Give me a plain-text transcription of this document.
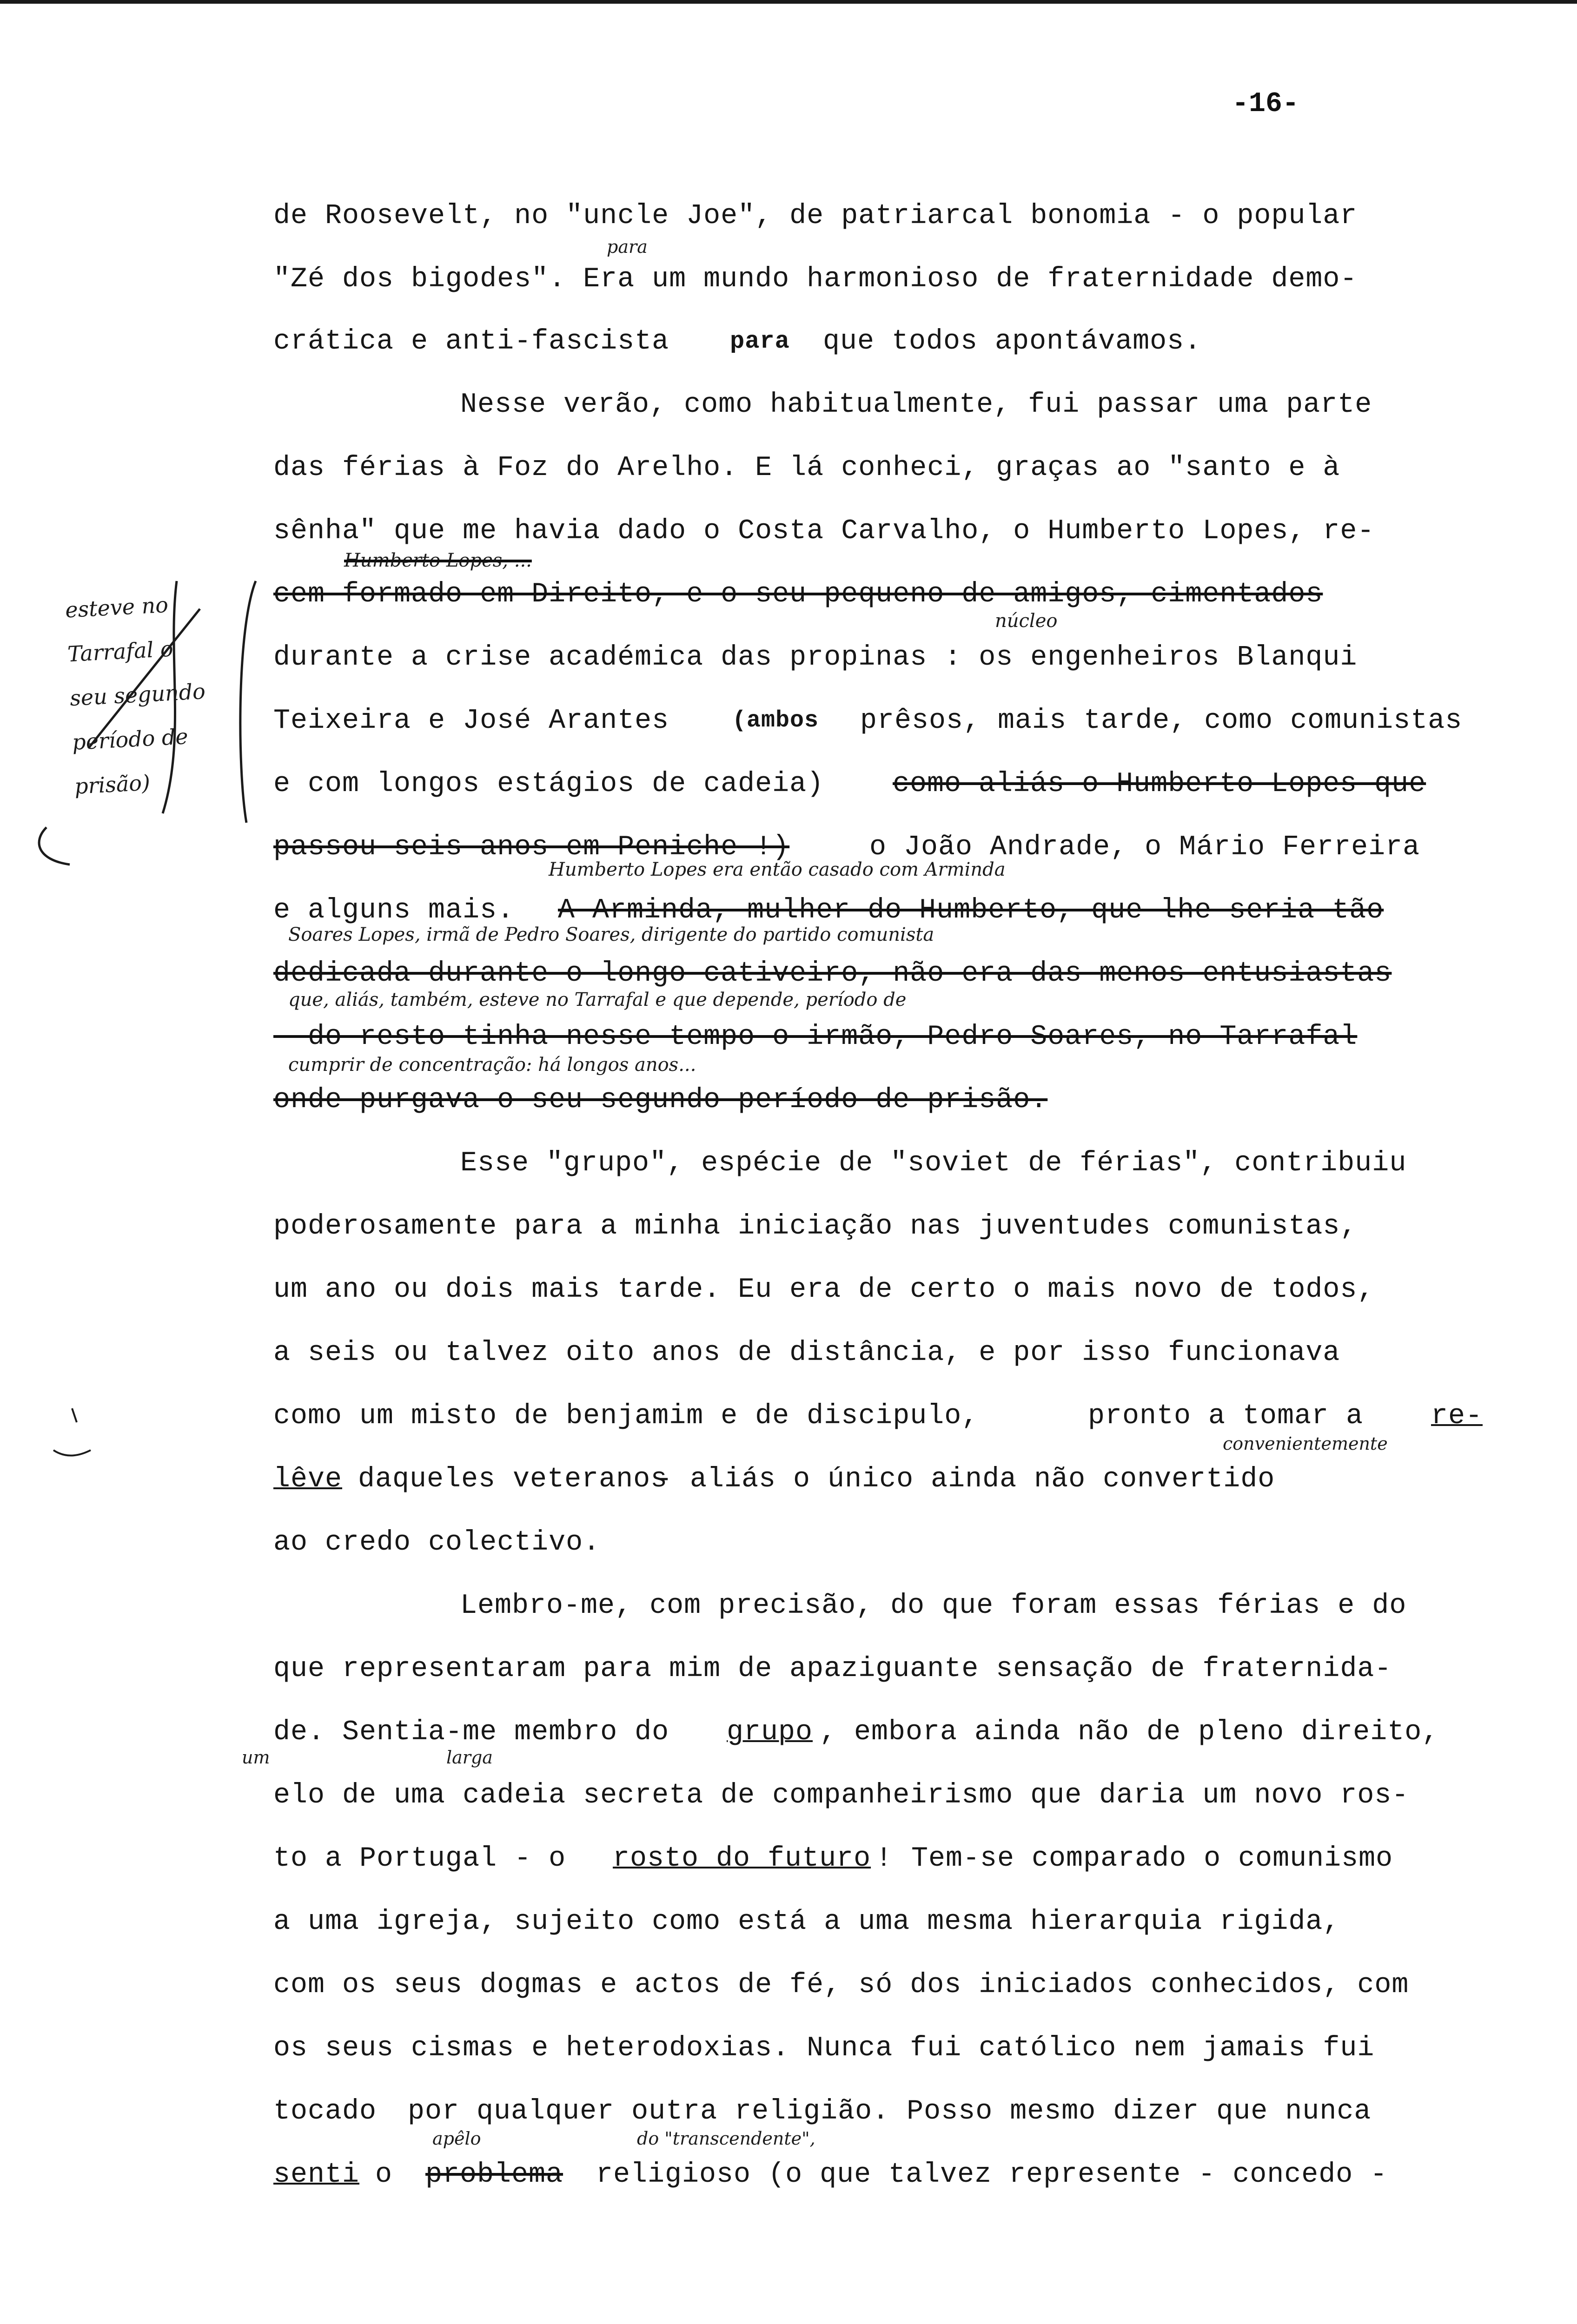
-16-

de Roosevelt, no "uncle Joe", de patriarcal bonomia - o popular

para

"Zé dos bigodes". Era um mundo harmonioso de fraternidade demo-

crática e anti-fascista	para que todos apontávamos.

Nesse verão, como habitualmente, fui passar uma parte

das férias à Foz do Arelho. E lá conheci, graças ao "santo e à

sênha" que me havia dado o Costa Carvalho, o Humberto Lopes, re-

Humberto Lopes, ...

cem formado em Direito, e o seu pequeno de amigos, cimentados

núcleo

durante a crise académica das propinas : os engenheiros Blanqui

Teixeira e José Arantes	(ambos prêsos, mais tarde, como comunistas

e com longos estágios de cadeia) como aliás o Humberto Lopes que

passou seis anos em Peniche !)	o João Andrade, o Mário Ferreira

Humberto Lopes era então casado com Arminda

e alguns mais. A Arminda, mulher do Humberto, que lhe seria tão

Soares Lopes, irmã de Pedro Soares, dirigente do partido comunista

dedicada durante o longo cativeiro, não era das menos entusiastas

que, aliás, também, esteve no Tarrafal e que depende, período de

- do resto tinha nesse tempo o irmão, Pedro Soares, no Tarrafal

cumprir de concentração: há longos anos...

onde purgava o seu segundo período de prisão.

esteve no
Tarrafal o
seu segundo
período de
prisão)

Esse "grupo", espécie de "soviet de férias", contribuiu

poderosamente para a minha iniciação nas juventudes comunistas,

um ano ou dois mais tarde. Eu era de certo o mais novo de todos,

a seis ou talvez oito anos de distância, e por isso funcionava

como um misto de benjamim e de discipulo,	pronto a tomar a re-

convenientemente

lêve daqueles veteranos

- aliás o único ainda não convertido

ao credo colectivo.

Lembro-me, com precisão, do que foram essas férias e do

que representaram para mim de apaziguante sensação de fraternida-

de. Sentia-me membro do grupo , embora ainda não de pleno direito,

um	larga

elo de uma cadeia secreta de companheirismo que daria um novo ros-

to a Portugal - o rosto do futuro ! Tem-se comparado o comunismo

a uma igreja, sujeito como está a uma mesma hierarquia rigida,

com os seus dogmas e actos de fé, só dos iniciados conhecidos, com

os seus cismas e heterodoxias. Nunca fui católico nem jamais fui

tocado por qualquer outra religião. Posso mesmo dizer que nunca

apêlo	do "transcendente",

senti

o problema religioso (o que talvez represente - concedo -
